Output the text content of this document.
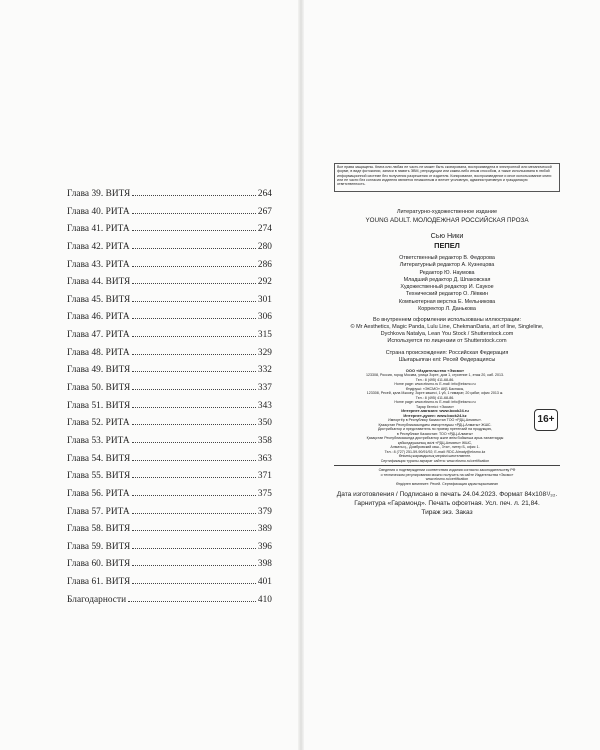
Глава 39. ВИТЯ	264
Глава 40. РИТА	267
Глава 41. РИТА	274
Глава 42. РИТА	280
Глава 43. РИТА	286
Глава 44. ВИТЯ	292
Глава 45. ВИТЯ	301
Глава 46. РИТА	306
Глава 47. РИТА	315
Глава 48. РИТА	329
Глава 49. ВИТЯ	332
Глава 50. ВИТЯ	337
Глава 51. ВИТЯ	343
Глава 52. РИТА	350
Глава 53. РИТА	358
Глава 54. ВИТЯ	363
Глава 55. ВИТЯ	371
Глава 56. РИТА	375
Глава 57. РИТА	379
Глава 58. ВИТЯ	389
Глава 59. ВИТЯ	396
Глава 60. ВИТЯ	398
Глава 61. ВИТЯ	401
Благодарности	410
Все права защищены. Книга или любая ее часть не может быть скопирована, воспроизведена в электронной или механической форме, в виде фотокопии, записи в память ЭВМ, репродукции или каким-либо иным способом, а также использована в любой информационной системе без получения разрешения от издателя. Копирование, воспроизведение и иное использование книги или ее части без согласия издателя является незаконным и влечет уголовную, административную и гражданскую ответственность.
Литературно-художественное издание
YOUNG ADULT. МОЛОДЕЖНАЯ РОССИЙСКАЯ ПРОЗА
Сью Ники
ПЕПЕЛ
Ответственный редактор В. Федорова
Литературный редактор А. Кузнецова
Редактор Ю. Наумова
Младший редактор Д. Шпаковская
Художественный редактор И. Саукое
Технический редактор О. Лёвкин
Компьютерная верстка Е. Мельникова
Корректор Л. Данькова
Во внутреннем оформлении использованы иллюстрации:
© Mr Aesthetics, Magic Panda, Lulu Line, ChekmanDaria, art of line, Singleline,
Dychkova Natalya, Lean You Stock / Shutterstock.com
Используется по лицензии от Shutterstock.com
Страна происхождения: Российская Федерация
Шығарылған елі: Ресей Федерациясы
ООО «Издательство «Эксмо»
123308, Россия, город Москва, улица Зорге, дом 1, строение 1, этаж 20, каб. 2013.
Тел.: 8 (495) 411-68-86.
Home page: www.eksmo.ru E-mail: info@eksmo.ru
Өндіруші: «ЭКСМО» АҚБ Баспасы,
123308, Ресей, қала Мәскеу, Зорге көшесі, 1 үй, 1 ғимарат, 20 қабат, офис 2013 ж.
Тел.: 8 (495) 411-68-86.
Home page: www.eksmo.ru E-mail: info@eksmo.ru
Тауар белгісі: «Эксмо»
Интернет-магазин: www.book24.ru
Интернет-дүкен: www.book24.kz
Импортёр в Республику Казахстан ТОО «РДЦ-Алматы».
Қазақстан Республикасындағы импорттаушы «РДЦ-Алматы» ЖШС.
Дистрибьютор и представитель по приему претензий на продукцию,
в Республике Казахстан: ТОО «РДЦ-Алматы»
Қазақстан Республикасында дистрибьютор және өнім бойынша арыз-талаптарды
қабылдаушының өкілі «РДЦ-Алматы» ЖШС,
Алматы қ., Домбровский көш., 3«а», литер Б, офис 1.
Тел.: 8 (727) 251-59-90/91/92; E-mail: RDC-Almaty@eksmo.kz
Өнімнің жарамдылық мерзімі шектелмеген.
Сертификация туралы ақпарат сайтта: www.eksmo.ru/certification
16+
Сведения о подтверждении соответствия издания согласно законодательству РФ
о техническом регулировании можно получить на сайте Издательства «Эксмо»
www.eksmo.ru/certification
Өндірген мемлекет: Ресей. Сертификация қарастырылмаған
Дата изготовления / Подписано в печать 24.04.2023. Формат 84х108¹/₃₂.
Гарнитура «Гарамонд». Печать офсетная. Усл. печ. л. 21,84.
Тираж экз. Заказ
